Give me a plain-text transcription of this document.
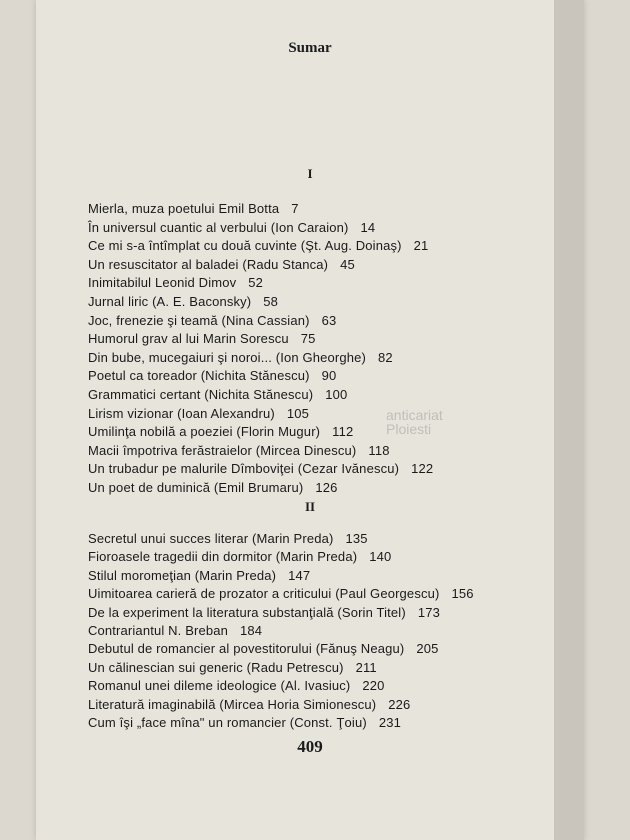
Sumar
I
Mierla, muza poetului Emil Botta 7
În universul cuantic al verbului (Ion Caraion) 14
Ce mi s-a întîmplat cu două cuvinte (Şt. Aug. Doinaş) 21
Un resuscitator al baladei (Radu Stanca) 45
Inimitabilul Leonid Dimov 52
Jurnal liric (A. E. Baconsky) 58
Joc, frenezie şi teamă (Nina Cassian) 63
Humorul grav al lui Marin Sorescu 75
Din bube, mucegaiuri şi noroi... (Ion Gheorghe) 82
Poetul ca toreador (Nichita Stănescu) 90
Grammatici certant (Nichita Stănescu) 100
Lirism vizionar (Ioan Alexandru) 105
Umilinţa nobilă a poeziei (Florin Mugur) 112
Macii împotriva ferăstraielor (Mircea Dinescu) 118
Un trubadur pe malurile Dîmboviţei (Cezar Ivănescu) 122
Un poet de duminică (Emil Brumaru) 126
II
Secretul unui succes literar (Marin Preda) 135
Fioroasele tragedii din dormitor (Marin Preda) 140
Stilul moromeţian (Marin Preda) 147
Uimitoarea carieră de prozator a criticului (Paul Georgescu) 156
De la experiment la literatura substanţială (Sorin Titel) 173
Contrariantul N. Breban 184
Debutul de romancier al povestitorului (Fănuş Neagu) 205
Un călinescian sui generic (Radu Petrescu) 211
Romanul unei dileme ideologice (Al. Ivasiuc) 220
Literatură imaginabilă (Mircea Horia Simionescu) 226
Cum îşi „face mîna" un romancier (Const. Ţoiu) 231
anticariat
Ploiesti
409
